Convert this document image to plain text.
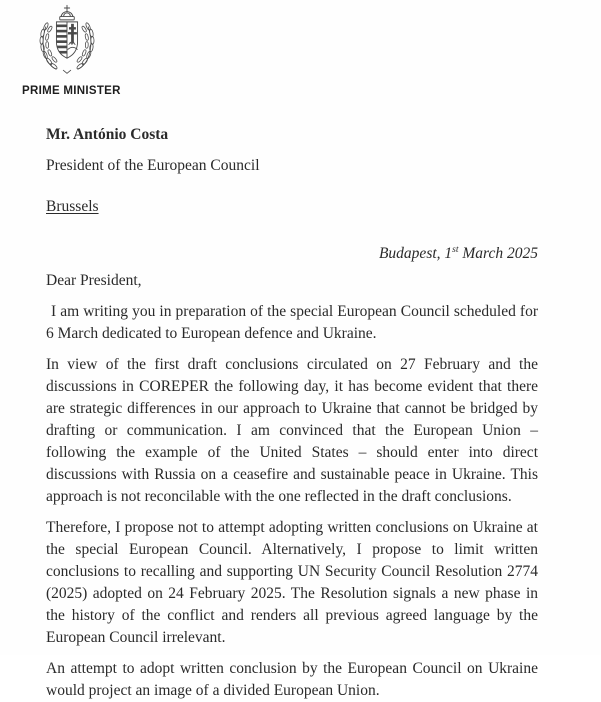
PRIME MINISTER

Mr. António Costa

President of the European Council

Brussels

Budapest, 1st March 2025

Dear President,

I am writing you in preparation of the special European Council scheduled for 6 March dedicated to European defence and Ukraine.

In view of the first draft conclusions circulated on 27 February and the discussions in COREPER the following day, it has become evident that there are strategic differences in our approach to Ukraine that cannot be bridged by drafting or communication. I am convinced that the European Union – following the example of the United States – should enter into direct discussions with Russia on a ceasefire and sustainable peace in Ukraine. This approach is not reconcilable with the one reflected in the draft conclusions.

Therefore, I propose not to attempt adopting written conclusions on Ukraine at the special European Council. Alternatively, I propose to limit written conclusions to recalling and supporting UN Security Council Resolution 2774 (2025) adopted on 24 February 2025. The Resolution signals a new phase in the history of the conflict and renders all previous agreed language by the European Council irrelevant.

An attempt to adopt written conclusion by the European Council on Ukraine would project an image of a divided European Union.
